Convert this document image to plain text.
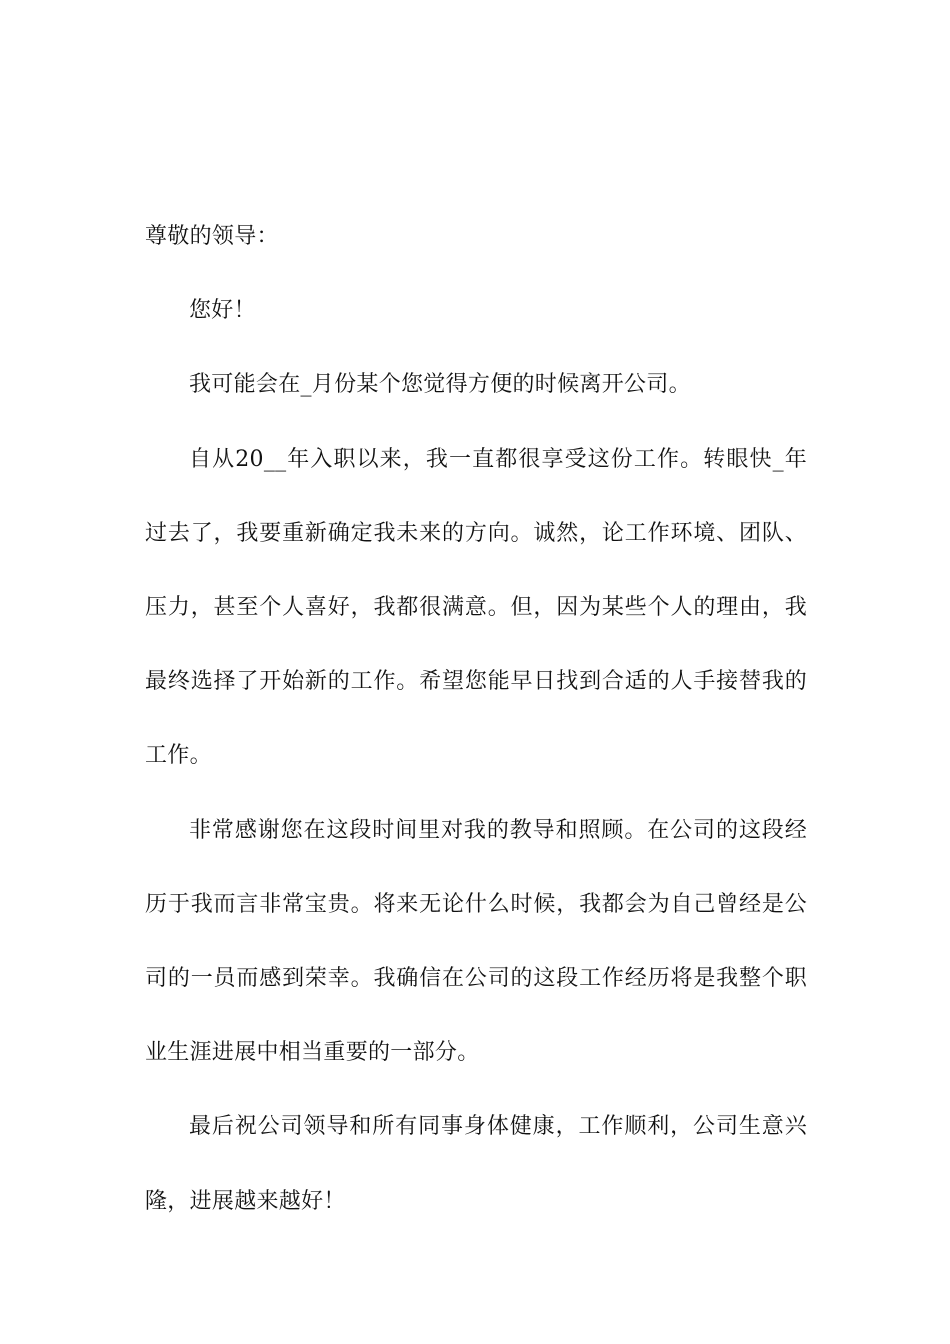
尊敬的领导：

您好！

我可能会在_月份某个您觉得方便的时候离开公司。

自从20__年入职以来，我一直都很享受这份工作。转眼快_年过去了，我要重新确定我未来的方向。诚然，论工作环境、团队、压力，甚至个人喜好，我都很满意。但，因为某些个人的理由，我最终选择了开始新的工作。希望您能早日找到合适的人手接替我的工作。

非常感谢您在这段时间里对我的教导和照顾。在公司的这段经历于我而言非常宝贵。将来无论什么时候，我都会为自己曾经是公司的一员而感到荣幸。我确信在公司的这段工作经历将是我整个职业生涯进展中相当重要的一部分。

最后祝公司领导和所有同事身体健康，工作顺利，公司生意兴隆，进展越来越好！
